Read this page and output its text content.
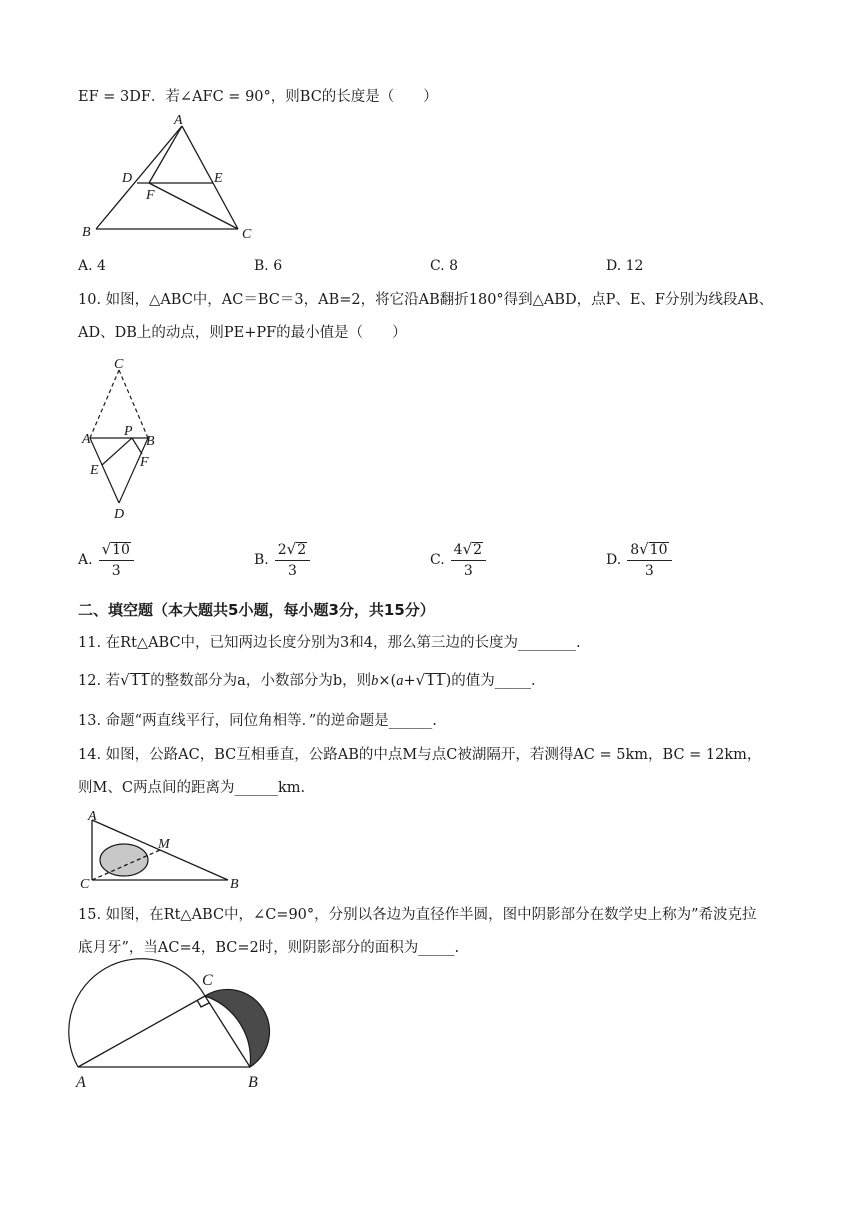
EF = 3DF．若∠AFC = 90°，则BC的长度是（　　）
A
D	E
F
B	C
A. 4	B. 6	C. 8	D. 12
10. 如图，△ABC中，AC＝BC＝3，AB=2，将它沿AB翻折180°得到△ABD，点P、E、F分别为线段AB、
AD、DB上的动点，则PE+PF的最小值是（　　）
C
A
P
B
E
F
D
A. $\frac{√10}{3}$	B. $\frac{2√2}{3}$	C. $\frac{4√2}{3}$	D. $\frac{8√10}{3}$
二、填空题（本大题共5小题，每小题3分，共15分）
11. 在Rt△ABC中，已知两边长度分别为3和4，那么第三边的长度为________.
12. 若√11的整数部分为a，小数部分为b，则b×(a+√11)的值为_____.
13. 命题“两直线平行，同位角相等．”的逆命题是______.
14. 如图，公路AC，BC互相垂直，公路AB的中点M与点C被湖隔开，若测得AC = 5km，BC = 12km，
则M、C两点间的距离为______km.
A
M
C	B
15. 如图，在Rt△ABC中，∠C=90°，分别以各边为直径作半圆，图中阴影部分在数学史上称为”希波克拉
底月牙”，当AC=4，BC=2时，则阴影部分的面积为_____.
C
A	B
